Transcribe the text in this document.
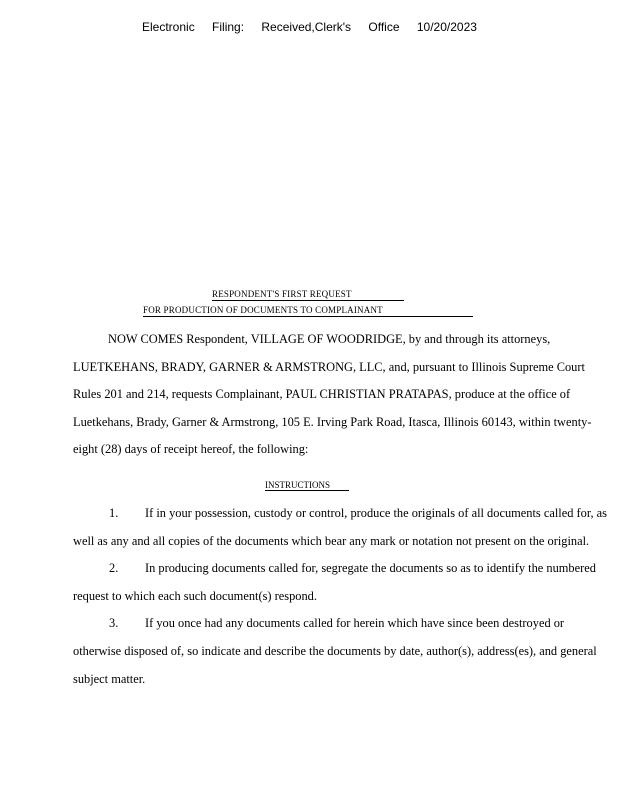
Electronic Filing: Received,Clerk's Office 10/20/2023
RESPONDENT'S FIRST REQUEST
FOR PRODUCTION OF DOCUMENTS TO COMPLAINANT

NOW COMES Respondent, VILLAGE OF WOODRIDGE, by and through its attorneys, LUETKEHANS, BRADY, GARNER & ARMSTRONG, LLC, and, pursuant to Illinois Supreme Court Rules 201 and 214, requests Complainant, PAUL CHRISTIAN PRATAPAS, produce at the office of Luetkehans, Brady, Garner & Armstrong, 105 E. Irving Park Road, Itasca, Illinois 60143, within twenty-eight (28) days of receipt hereof, the following:

INSTRUCTIONS

1. If in your possession, custody or control, produce the originals of all documents called for, as well as any and all copies of the documents which bear any mark or notation not present on the original.

2. In producing documents called for, segregate the documents so as to identify the numbered request to which each such document(s) respond.

3. If you once had any documents called for herein which have since been destroyed or otherwise disposed of, so indicate and describe the documents by date, author(s), address(es), and general subject matter.
